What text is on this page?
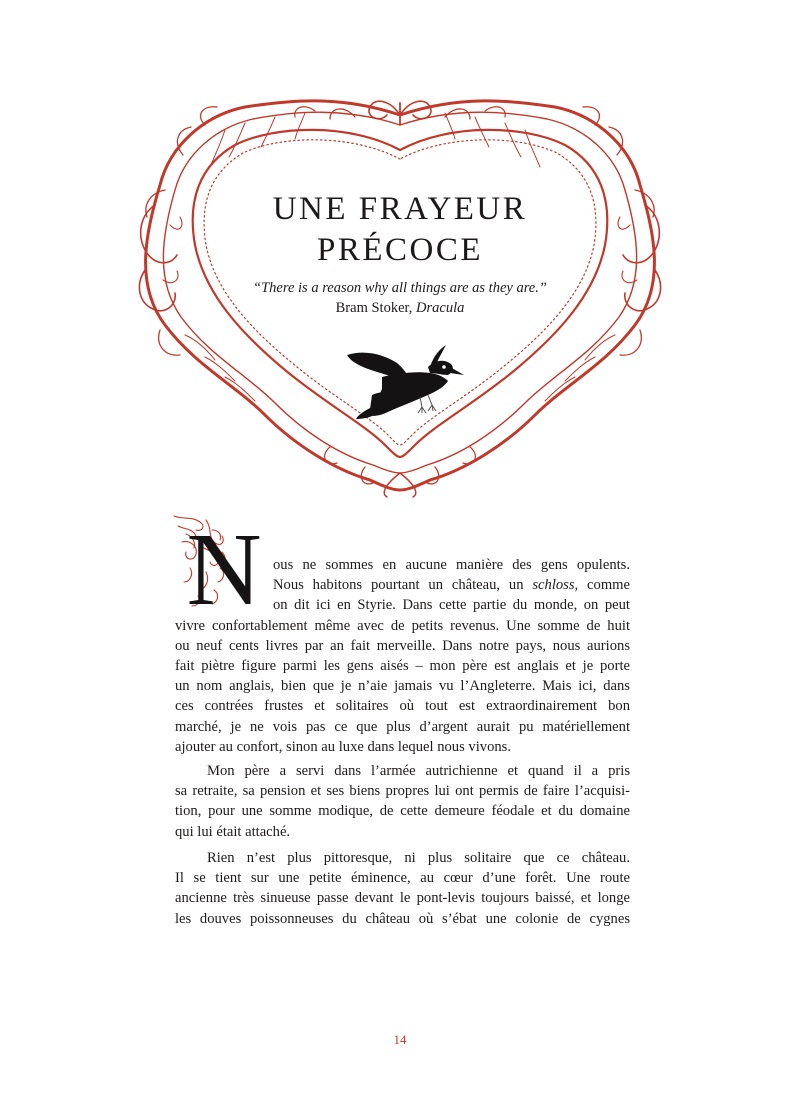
UNE FRAYEUR
PRÉCOCE
“There is a reason why all things are as they are.”
Bram Stoker, Dracula
N ous ne sommes en aucune manière des gens opulents.
Nous habitons pourtant un château, un schloss, comme
on dit ici en Styrie. Dans cette partie du monde, on peut
vivre confortablement même avec de petits revenus. Une somme de huit
ou neuf cents livres par an fait merveille. Dans notre pays, nous aurions
fait piètre figure parmi les gens aisés – mon père est anglais et je porte
un nom anglais, bien que je n’aie jamais vu l’Angleterre. Mais ici, dans
ces contrées frustes et solitaires où tout est extraordinairement bon
marché, je ne vois pas ce que plus d’argent aurait pu matériellement
ajouter au confort, sinon au luxe dans lequel nous vivons.
Mon père a servi dans l’armée autrichienne et quand il a pris
sa retraite, sa pension et ses biens propres lui ont permis de faire l’acquisi-
tion, pour une somme modique, de cette demeure féodale et du domaine
qui lui était attaché.
Rien n’est plus pittoresque, ni plus solitaire que ce château.
Il se tient sur une petite éminence, au cœur d’une forêt. Une route
ancienne très sinueuse passe devant le pont-levis toujours baissé, et longe
les douves poissonneuses du château où s’ébat une colonie de cygnes
14
